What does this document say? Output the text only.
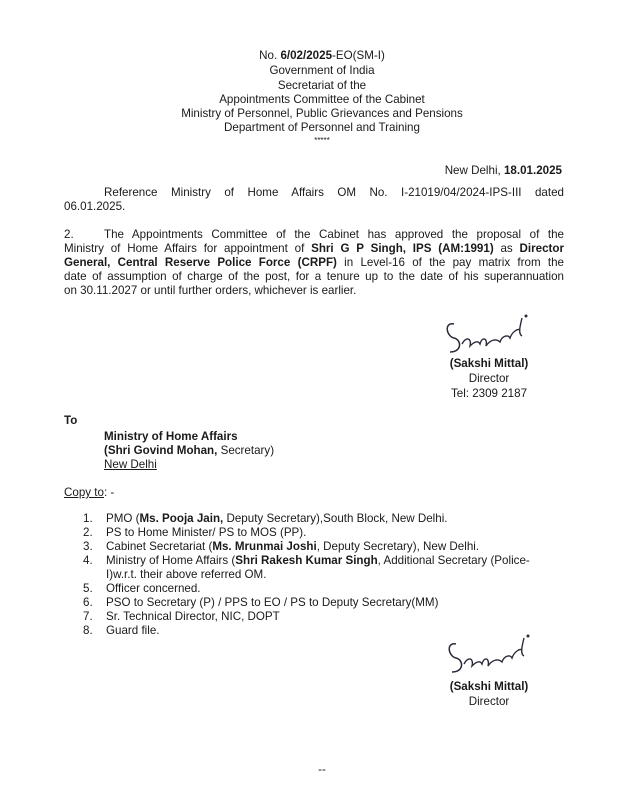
No. 6/02/2025-EO(SM-I)
Government of India
Secretariat of the
Appointments Committee of the Cabinet
Ministry of Personnel, Public Grievances and Pensions
Department of Personnel and Training
*****
New Delhi, 18.01.2025
Reference Ministry of Home Affairs OM No. I-21019/04/2024-IPS-III dated
06.01.2025.
2.	The Appointments Committee of the Cabinet has approved the proposal of the
Ministry of Home Affairs for appointment of Shri G P Singh, IPS (AM:1991) as Director
General, Central Reserve Police Force (CRPF) in Level-16 of the pay matrix from the
date of assumption of charge of the post, for a tenure up to the date of his superannuation
on 30.11.2027 or until further orders, whichever is earlier.
(Sakshi Mittal)
Director
Tel: 2309 2187
To
Ministry of Home Affairs
(Shri Govind Mohan, Secretary)
New Delhi
Copy to: -
1.	PMO (Ms. Pooja Jain, Deputy Secretary),South Block, New Delhi.
2.	PS to Home Minister/ PS to MOS (PP).
3.	Cabinet Secretariat (Ms. Mrunmai Joshi, Deputy Secretary), New Delhi.
4.	Ministry of Home Affairs (Shri Rakesh Kumar Singh, Additional Secretary (Police-
I)w.r.t. their above referred OM.
5.	Officer concerned.
6.	PSO to Secretary (P) / PPS to EO / PS to Deputy Secretary(MM)
7.	Sr. Technical Director, NIC, DOPT
8.	Guard file.
(Sakshi Mittal)
Director
--
